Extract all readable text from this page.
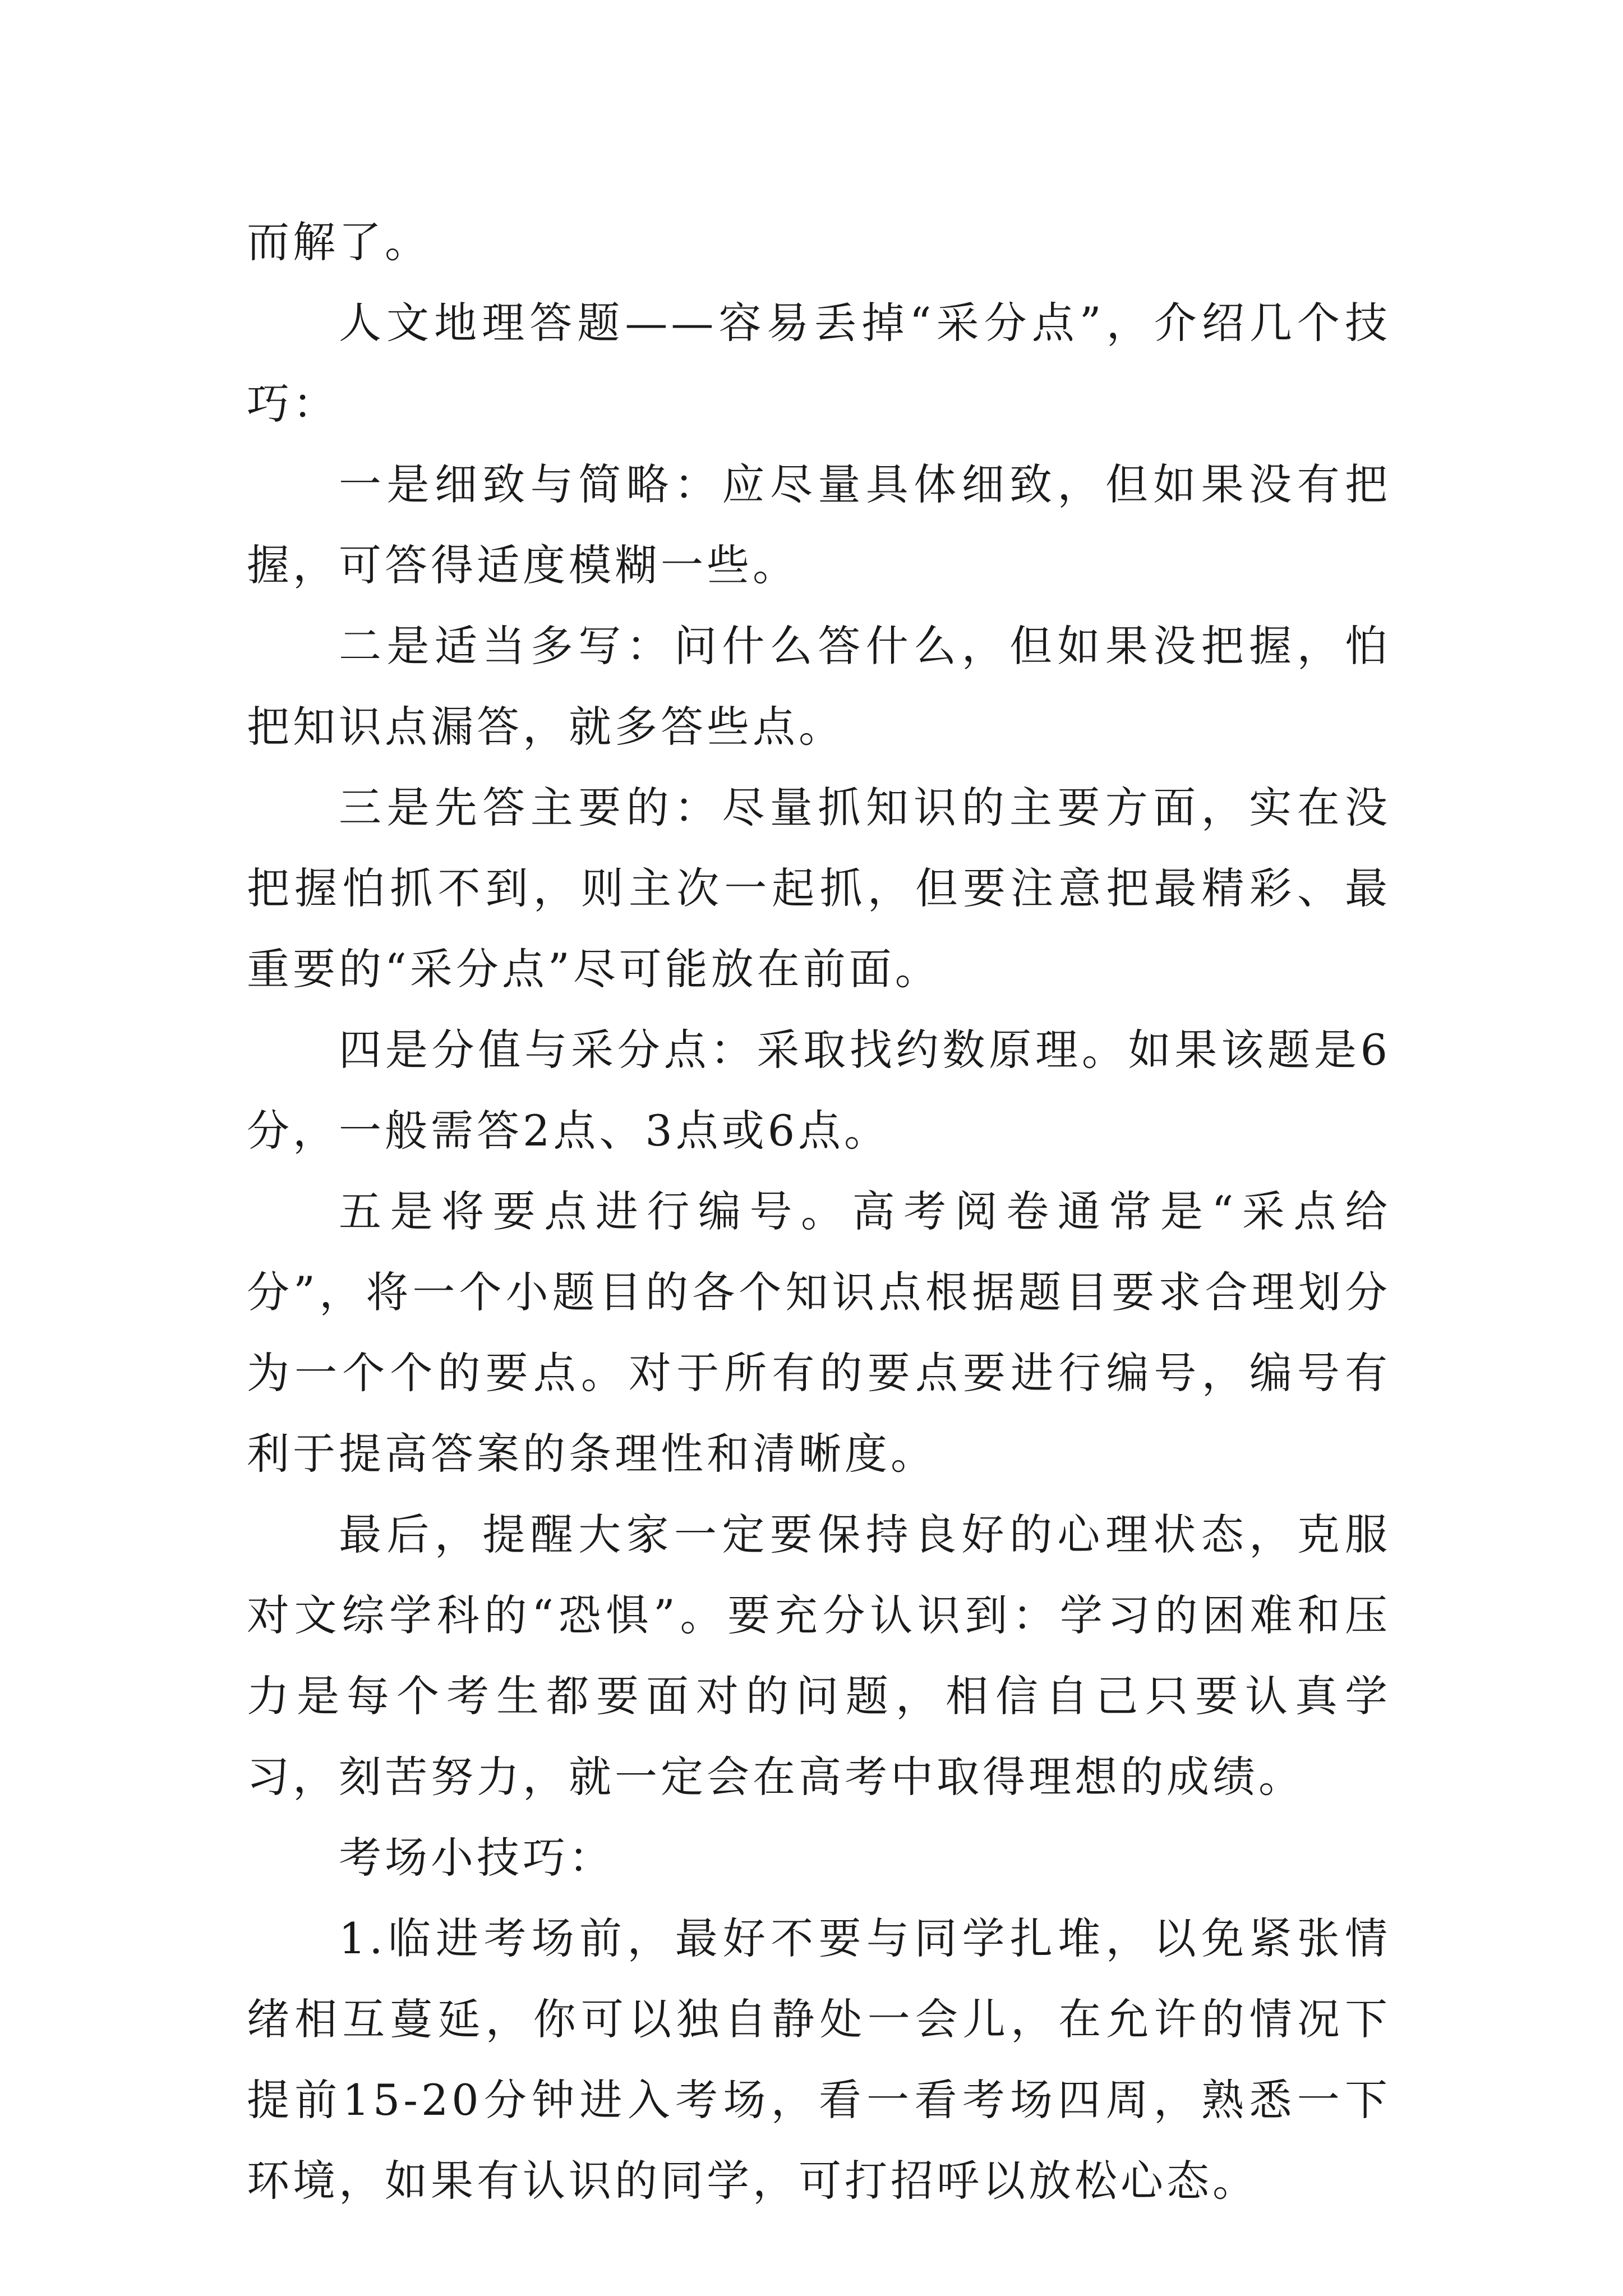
而解了。

人文地理答题——容易丢掉“采分点”，介绍几个技巧：

一是细致与简略：应尽量具体细致，但如果没有把握，可答得适度模糊一些。

二是适当多写：问什么答什么，但如果没把握，怕把知识点漏答，就多答些点。

三是先答主要的：尽量抓知识的主要方面，实在没把握怕抓不到，则主次一起抓，但要注意把最精彩、最重要的“采分点”尽可能放在前面。

四是分值与采分点：采取找约数原理。如果该题是6分，一般需答2点、3点或6点。

五是将要点进行编号。高考阅卷通常是“采点给分”，将一个小题目的各个知识点根据题目要求合理划分为一个个的要点。对于所有的要点要进行编号，编号有利于提高答案的条理性和清晰度。

最后，提醒大家一定要保持良好的心理状态，克服对文综学科的“恐惧”。要充分认识到：学习的困难和压力是每个考生都要面对的问题，相信自己只要认真学习，刻苦努力，就一定会在高考中取得理想的成绩。

考场小技巧：

1.临进考场前，最好不要与同学扎堆，以免紧张情绪相互蔓延，你可以独自静处一会儿，在允许的情况下提前15-20分钟进入考场，看一看考场四周，熟悉一下环境，如果有认识的同学，可打招呼以放松心态。
